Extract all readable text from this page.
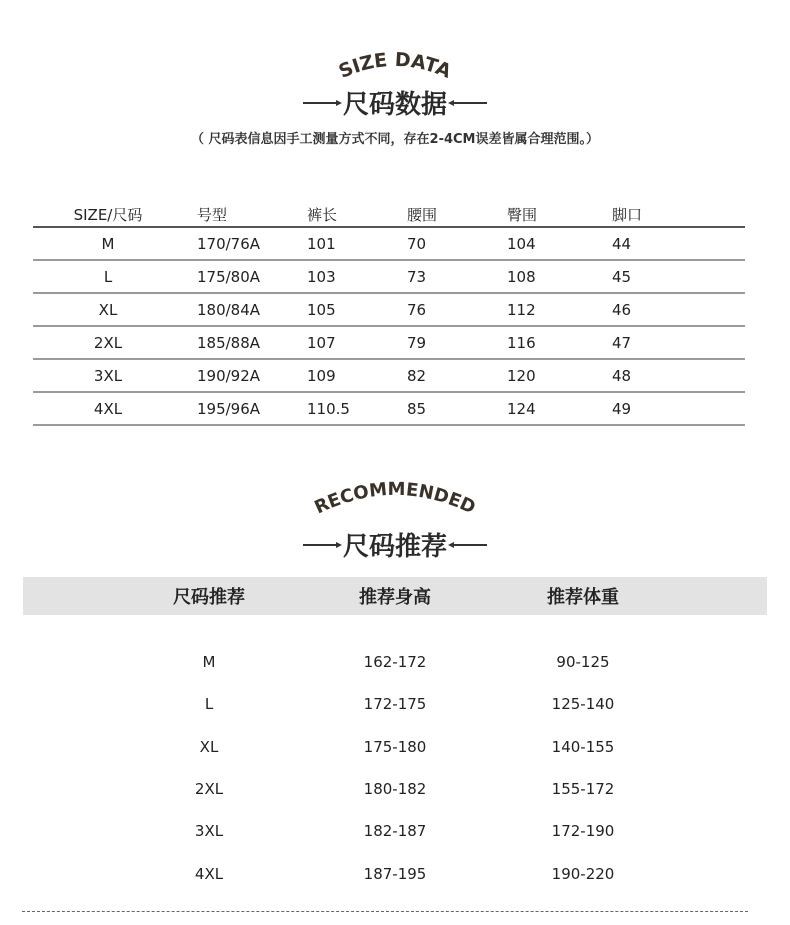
SIZE DATA
尺码数据
（ 尺码表信息因手工测量方式不同，存在2-4CM误差皆属合理范围。）
SIZE/尺码	号型	裤长	腰围	臀围	脚口
M	170/76A	101	70	104	44
L	175/80A	103	73	108	45
XL	180/84A	105	76	112	46
2XL	185/88A	107	79	116	47
3XL	190/92A	109	82	120	48
4XL	195/96A	110.5	85	124	49
RECOMMENDED
尺码推荐
尺码推荐	推荐身高	推荐体重
M	162-172	90-125
L	172-175	125-140
XL	175-180	140-155
2XL	180-182	155-172
3XL	182-187	172-190
4XL	187-195	190-220
